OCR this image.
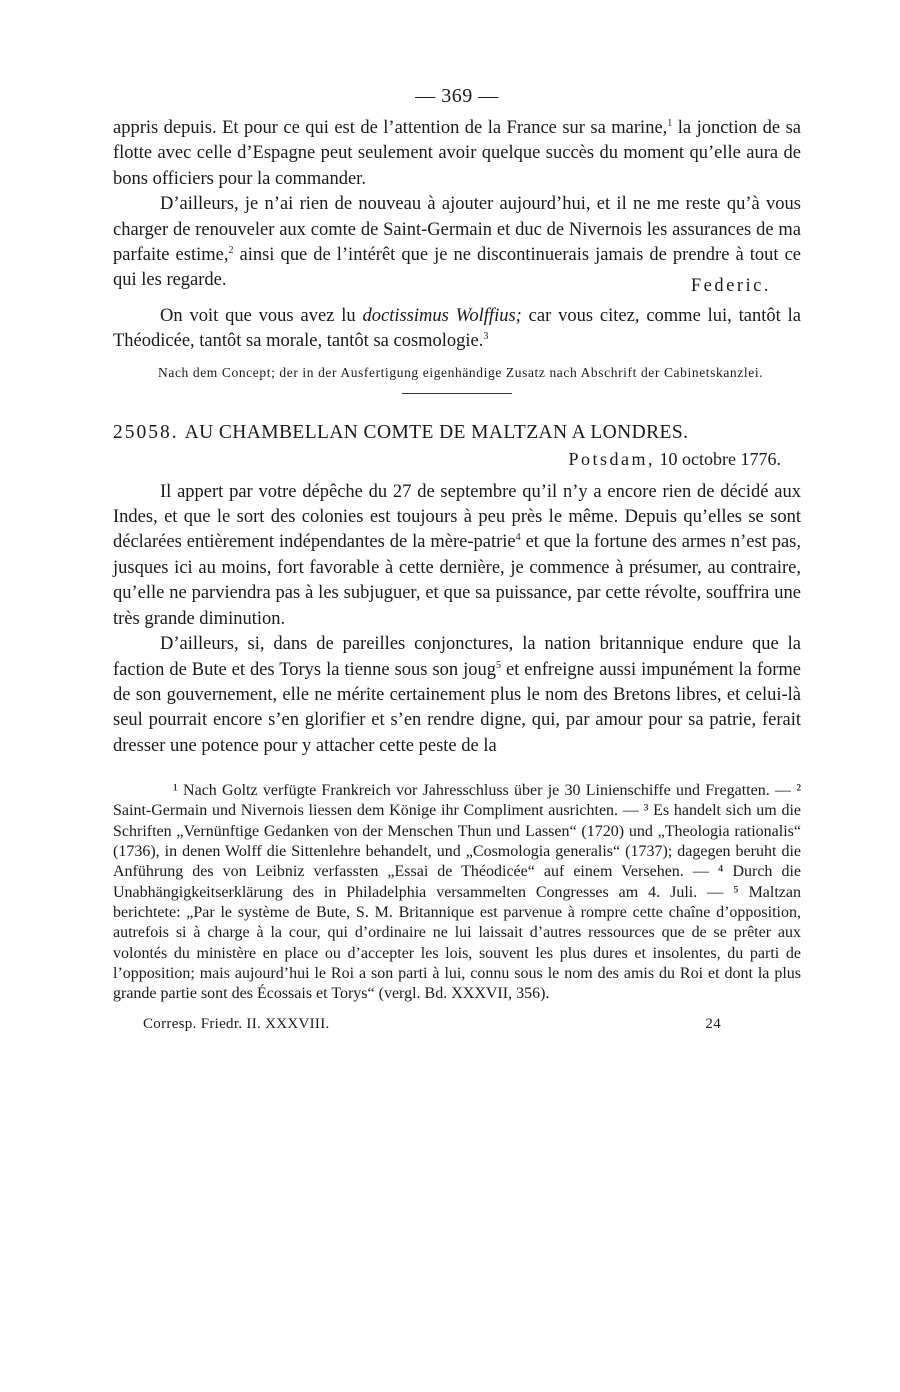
— 369 —

appris depuis. Et pour ce qui est de l’attention de la France sur sa marine,$^1$ la jonction de sa flotte avec celle d’Espagne peut seulement avoir quelque succès du moment qu’elle aura de bons officiers pour la commander.

D’ailleurs, je n’ai rien de nouveau à ajouter aujourd’hui, et il ne me reste qu’à vous charger de renouveler aux comte de Saint-Germain et duc de Nivernois les assurances de ma parfaite estime,$^2$ ainsi que de l’intérêt que je ne discontinuerais jamais de prendre à tout ce qui les regarde.	Federic.

On voit que vous avez lu doctissimus Wolffius; car vous citez, comme lui, tantôt la Théodicée, tantôt sa morale, tantôt sa cosmologie.$^3$

Nach dem Concept; der in der Ausfertigung eigenhändige Zusatz nach Abschrift der Cabinetskanzlei.

25058. AU CHAMBELLAN COMTE DE MALTZAN A LONDRES.

Potsdam, 10 octobre 1776.

Il appert par votre dépêche du 27 de septembre qu’il n’y a encore rien de décidé aux Indes, et que le sort des colonies est toujours à peu près le même. Depuis qu’elles se sont déclarées entièrement indépendantes de la mère-patrie$^4$ et que la fortune des armes n’est pas, jusques ici au moins, fort favorable à cette dernière, je commence à présumer, au contraire, qu’elle ne parviendra pas à les subjuguer, et que sa puissance, par cette révolte, souffrira une très grande diminution.

D’ailleurs, si, dans de pareilles conjonctures, la nation britannique endure que la faction de Bute et des Torys la tienne sous son joug$^5$ et enfreigne aussi impunément la forme de son gouvernement, elle ne mérite certainement plus le nom des Bretons libres, et celui-là seul pourrait encore s’en glorifier et s’en rendre digne, qui, par amour pour sa patrie, ferait dresser une potence pour y attacher cette peste de la

¹ Nach Goltz verfügte Frankreich vor Jahresschluss über je 30 Linienschiffe und Fregatten. — ² Saint-Germain und Nivernois liessen dem Könige ihr Compliment ausrichten. — ³ Es handelt sich um die Schriften „Vernünftige Gedanken von der Menschen Thun und Lassen“ (1720) und „Theologia rationalis“ (1736), in denen Wolff die Sittenlehre behandelt, und „Cosmologia generalis“ (1737); dagegen beruht die Anführung des von Leibniz verfassten „Essai de Théodicée“ auf einem Versehen. — ⁴ Durch die Unabhängigkeitserklärung des in Philadelphia versammelten Congresses am 4. Juli. — ⁵ Maltzan berichtete: „Par le système de Bute, S. M. Britannique est parvenue à rompre cette chaîne d’opposition, autrefois si à charge à la cour, qui d’ordinaire ne lui laissait d’autres ressources que de se prêter aux volontés du ministère en place ou d’accepter les lois, souvent les plus dures et insolentes, du parti de l’opposition; mais aujourd’hui le Roi a son parti à lui, connu sous le nom des amis du Roi et dont la plus grande partie sont des Écossais et Torys“ (vergl. Bd. XXXVII, 356).

Corresp. Friedr. II. XXXVIII.	24
